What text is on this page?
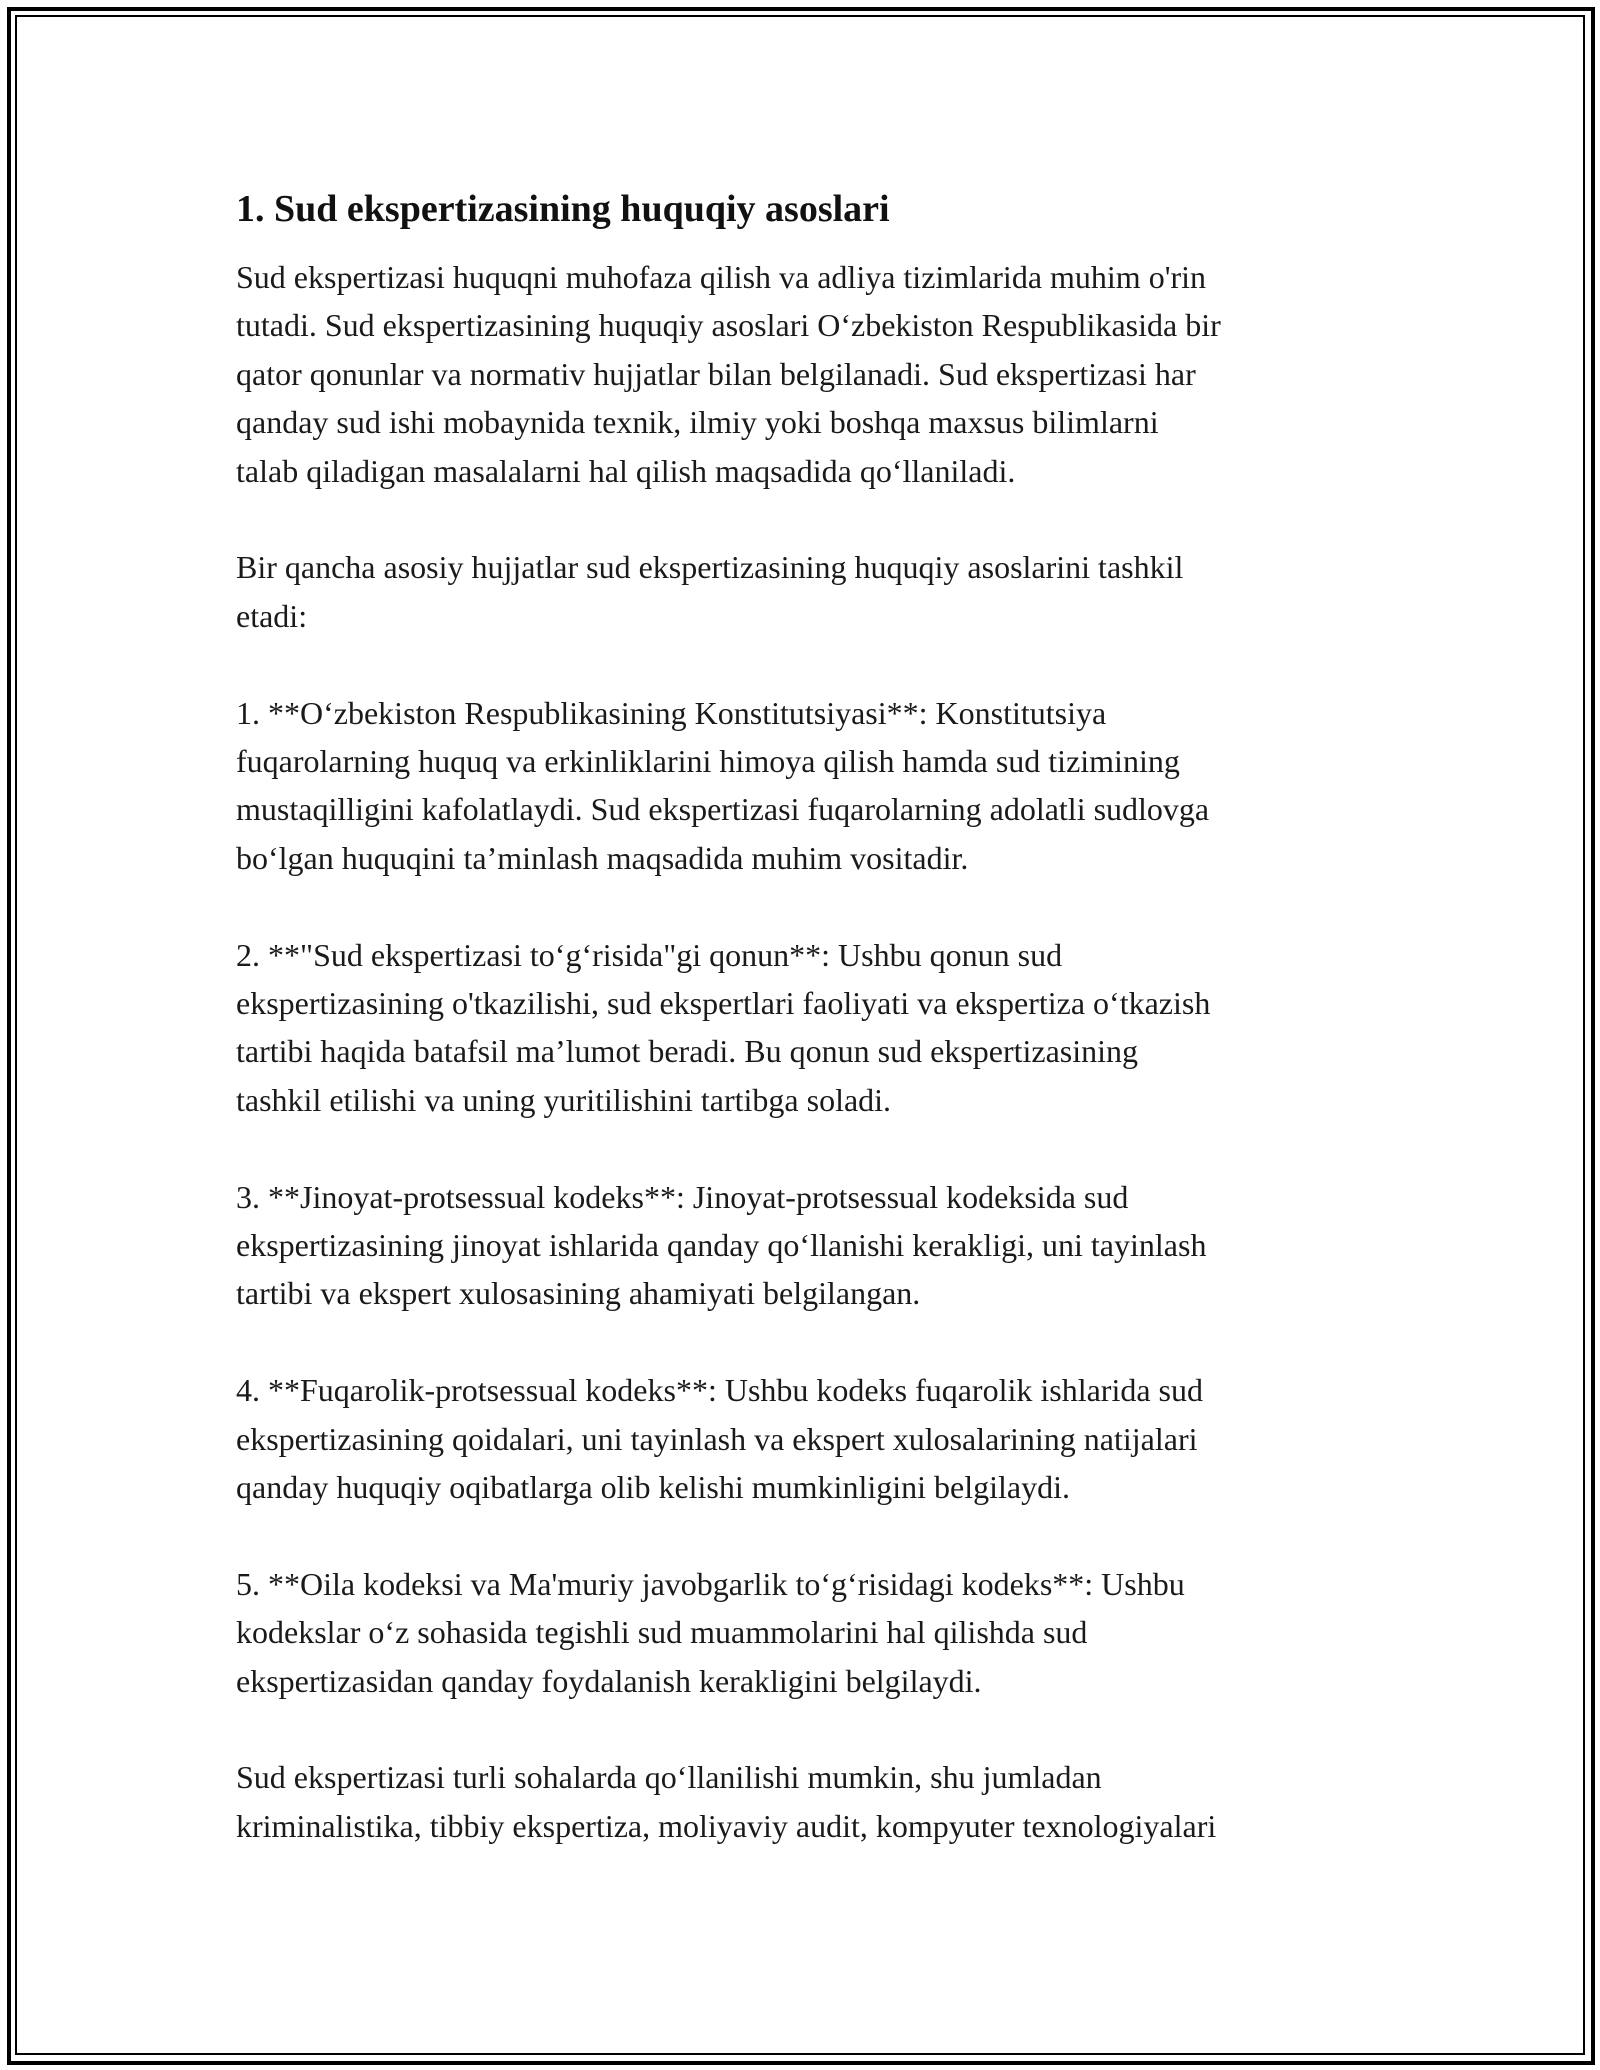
1. Sud ekspertizasining huquqiy asoslari
Sud ekspertizasi huquqni muhofaza qilish va adliya tizimlarida muhim o'rin
tutadi. Sud ekspertizasining huquqiy asoslari O‘zbekiston Respublikasida bir
qator qonunlar va normativ hujjatlar bilan belgilanadi. Sud ekspertizasi har
qanday sud ishi mobaynida texnik, ilmiy yoki boshqa maxsus bilimlarni
talab qiladigan masalalarni hal qilish maqsadida qo‘llaniladi.
Bir qancha asosiy hujjatlar sud ekspertizasining huquqiy asoslarini tashkil
etadi:
1. **O‘zbekiston Respublikasining Konstitutsiyasi**: Konstitutsiya
fuqarolarning huquq va erkinliklarini himoya qilish hamda sud tizimining
mustaqilligini kafolatlaydi. Sud ekspertizasi fuqarolarning adolatli sudlovga
bo‘lgan huquqini ta’minlash maqsadida muhim vositadir.
2. **"Sud ekspertizasi to‘g‘risida"gi qonun**: Ushbu qonun sud
ekspertizasining o'tkazilishi, sud ekspertlari faoliyati va ekspertiza o‘tkazish
tartibi haqida batafsil ma’lumot beradi. Bu qonun sud ekspertizasining
tashkil etilishi va uning yuritilishini tartibga soladi.
3. **Jinoyat-protsessual kodeks**: Jinoyat-protsessual kodeksida sud
ekspertizasining jinoyat ishlarida qanday qo‘llanishi kerakligi, uni tayinlash
tartibi va ekspert xulosasining ahamiyati belgilangan.
4. **Fuqarolik-protsessual kodeks**: Ushbu kodeks fuqarolik ishlarida sud
ekspertizasining qoidalari, uni tayinlash va ekspert xulosalarining natijalari
qanday huquqiy oqibatlarga olib kelishi mumkinligini belgilaydi.
5. **Oila kodeksi va Ma'muriy javobgarlik to‘g‘risidagi kodeks**: Ushbu
kodekslar o‘z sohasida tegishli sud muammolarini hal qilishda sud
ekspertizasidan qanday foydalanish kerakligini belgilaydi.
Sud ekspertizasi turli sohalarda qo‘llanilishi mumkin, shu jumladan
kriminalistika, tibbiy ekspertiza, moliyaviy audit, kompyuter texnologiyalari
